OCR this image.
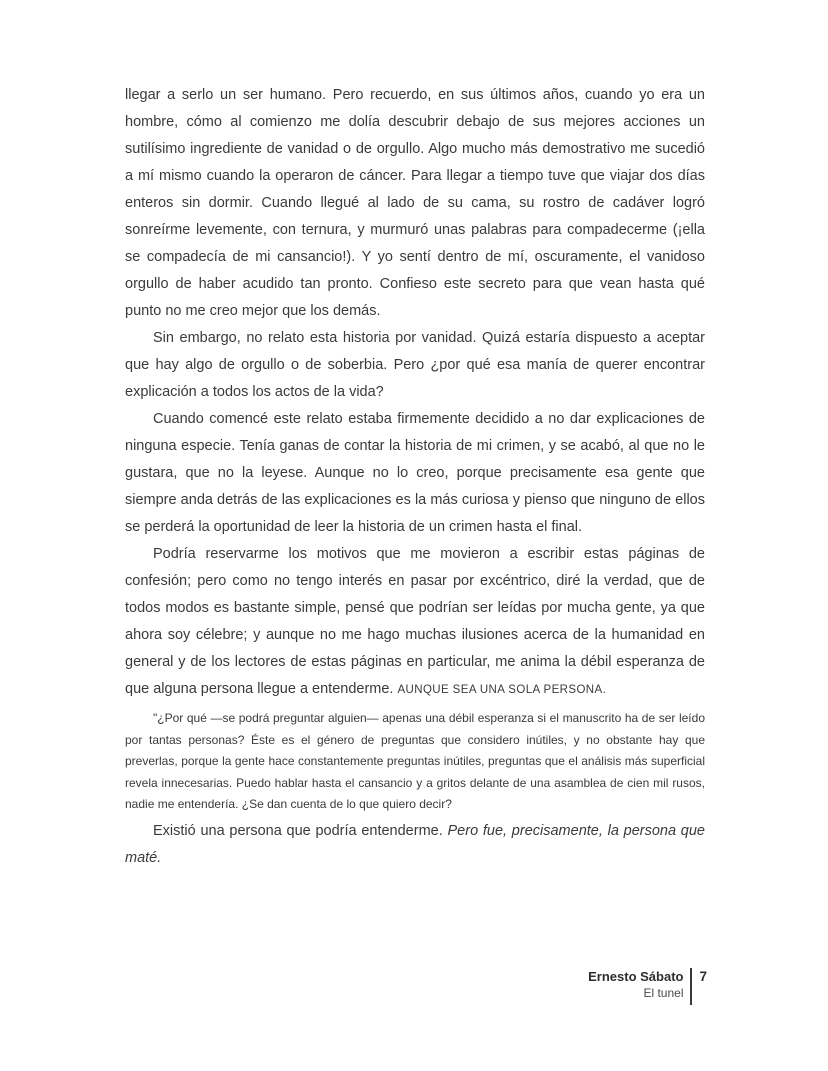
llegar a serlo un ser humano. Pero recuerdo, en sus últimos años, cuando yo era un hombre, cómo al comienzo me dolía descubrir debajo de sus mejores acciones un sutilísimo ingrediente de vanidad o de orgullo. Algo mucho más demostrativo me sucedió a mí mismo cuando la operaron de cáncer. Para llegar a tiempo tuve que viajar dos días enteros sin dormir. Cuando llegué al lado de su cama, su rostro de cadáver logró sonreírme levemente, con ternura, y murmuró unas palabras para compadecerme (¡ella se compadecía de mi cansancio!). Y yo sentí dentro de mí, oscuramente, el vanidoso orgullo de haber acudido tan pronto. Confieso este secreto para que vean hasta qué punto no me creo mejor que los demás.

Sin embargo, no relato esta historia por vanidad. Quizá estaría dispuesto a aceptar que hay algo de orgullo o de soberbia. Pero ¿por qué esa manía de querer encontrar explicación a todos los actos de la vida?

Cuando comencé este relato estaba firmemente decidido a no dar explicaciones de ninguna especie. Tenía ganas de contar la historia de mi crimen, y se acabó, al que no le gustara, que no la leyese. Aunque no lo creo, porque precisamente esa gente que siempre anda detrás de las explicaciones es la más curiosa y pienso que ninguno de ellos se perderá la oportunidad de leer la historia de un crimen hasta el final.

Podría reservarme los motivos que me movieron a escribir estas páginas de confesión; pero como no tengo interés en pasar por excéntrico, diré la verdad, que de todos modos es bastante simple, pensé que podrían ser leídas por mucha gente, ya que ahora soy célebre; y aunque no me hago muchas ilusiones acerca de la humanidad en general y de los lectores de estas páginas en particular, me anima la débil esperanza de que alguna persona llegue a entenderme. AUNQUE SEA UNA SOLA PERSONA.

"¿Por qué —se podrá preguntar alguien— apenas una débil esperanza si el manuscrito ha de ser leído por tantas personas? Éste es el género de preguntas que considero inútiles, y no obstante hay que preverlas, porque la gente hace constantemente preguntas inútiles, preguntas que el análisis más superficial revela innecesarias. Puedo hablar hasta el cansancio y a gritos delante de una asamblea de cien mil rusos, nadie me entendería. ¿Se dan cuenta de lo que quiero decir?

Existió una persona que podría entenderme. Pero fue, precisamente, la persona que maté.

Ernesto Sábato
El tunel
7
